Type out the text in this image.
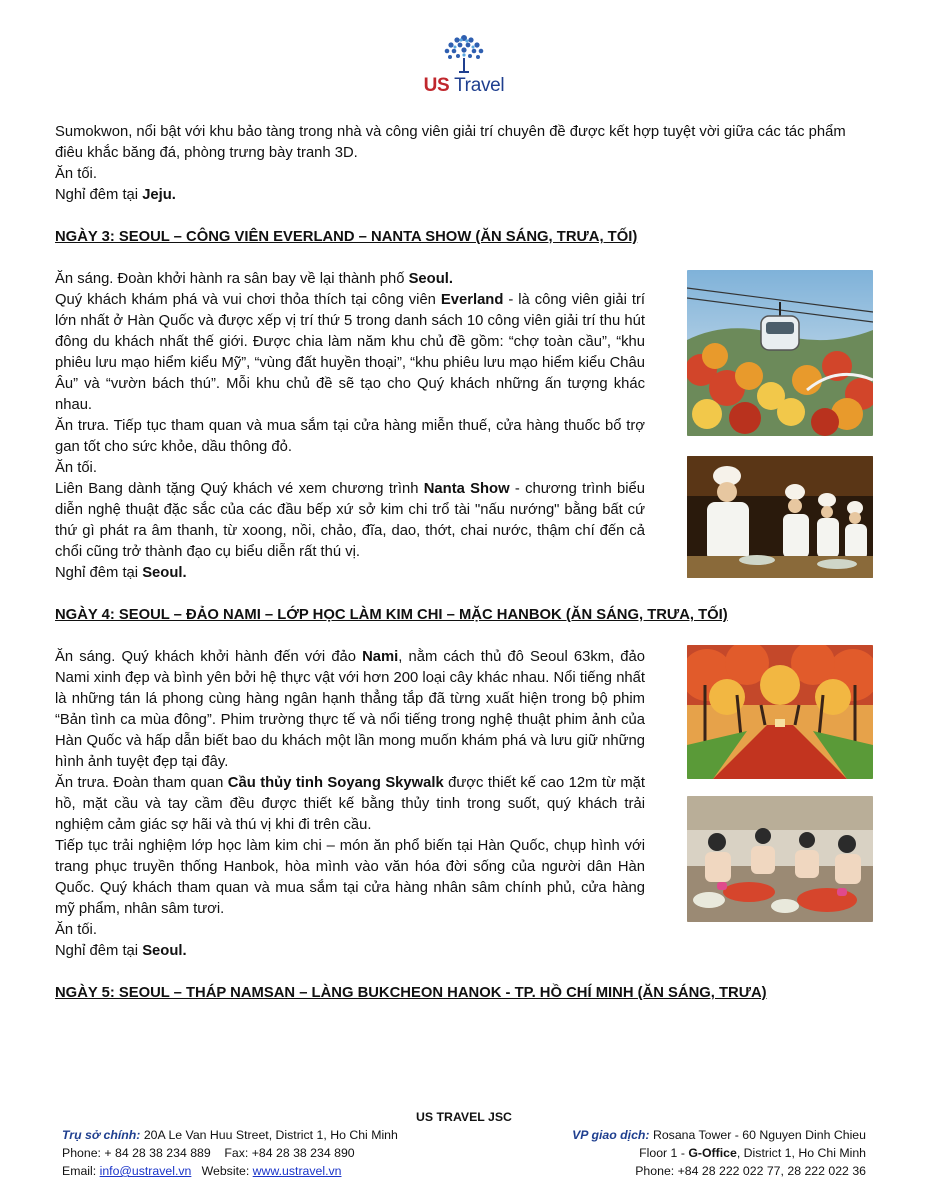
US Travel

Sumokwon, nổi bật với khu bảo tàng trong nhà và công viên giải trí chuyên đề được kết hợp tuyệt vời giữa các tác phẩm điêu khắc băng đá, phòng trưng bày tranh 3D.

Ăn tối.

Nghỉ đêm tại Jeju.

NGÀY 3: SEOUL – CÔNG VIÊN EVERLAND – NANTA SHOW (ĂN SÁNG, TRƯA, TỐI)

Ăn sáng. Đoàn khởi hành ra sân bay về lại thành phố Seoul.

Quý khách khám phá và vui chơi thỏa thích tại công viên Everland - là công viên giải trí lớn nhất ở Hàn Quốc và được xếp vị trí thứ 5 trong danh sách 10 công viên giải trí thu hút đông du khách nhất thế giới. Được chia làm năm khu chủ đề gồm: “chợ toàn cầu”, “khu phiêu lưu mạo hiểm kiểu Mỹ”, “vùng đất huyền thoại”, “khu phiêu lưu mạo hiểm kiểu Châu Âu” và “vườn bách thú”. Mỗi khu chủ đề sẽ tạo cho Quý khách những ấn tượng khác nhau.

Ăn trưa. Tiếp tục tham quan và mua sắm tại cửa hàng miễn thuế, cửa hàng thuốc bổ trợ gan tốt cho sức khỏe, dầu thông đỏ.

Ăn tối.

Liên Bang dành tặng Quý khách vé xem chương trình Nanta Show - chương trình biểu diễn nghệ thuật đặc sắc của các đầu bếp xứ sở kim chi trổ tài "nấu nướng" bằng bất cứ thứ gì phát ra âm thanh, từ xoong, nồi, chảo, đĩa, dao, thớt, chai nước, thậm chí đến cả chổi cũng trở thành đạo cụ biểu diễn rất thú vị.

Nghỉ đêm tại Seoul.

NGÀY 4: SEOUL – ĐẢO NAMI – LỚP HỌC LÀM KIM CHI – MẶC HANBOK (ĂN SÁNG, TRƯA, TỐI)

Ăn sáng. Quý khách khởi hành đến với đảo Nami, nằm cách thủ đô Seoul 63km, đảo Nami xinh đẹp và bình yên bởi hệ thực vật với hơn 200 loại cây khác nhau. Nổi tiếng nhất là những tán lá phong cùng hàng ngân hạnh thẳng tắp đã từng xuất hiện trong bộ phim “Bản tình ca mùa đông”. Phim trường thực tế và nổi tiếng trong nghệ thuật phim ảnh của Hàn Quốc và hấp dẫn biết bao du khách một lần mong muốn khám phá và lưu giữ những hình ảnh tuyệt đẹp tại đây.

Ăn trưa. Đoàn tham quan Cầu thủy tinh Soyang Skywalk được thiết kế cao 12m từ mặt hồ, mặt cầu và tay cầm đều được thiết kế bằng thủy tinh trong suốt, quý khách trải nghiệm cảm giác sợ hãi và thú vị khi đi trên cầu.

Tiếp tục trải nghiệm lớp học làm kim chi – món ăn phổ biến tại Hàn Quốc, chụp hình với trang phục truyền thống Hanbok, hòa mình vào văn hóa đời sống của người dân Hàn Quốc. Quý khách tham quan và mua sắm tại cửa hàng nhân sâm chính phủ, cửa hàng mỹ phẩm, nhân sâm tươi.

Ăn tối.

Nghỉ đêm tại Seoul.

NGÀY 5: SEOUL – THÁP NAMSAN – LÀNG BUKCHEON HANOK - TP. HỒ CHÍ MINH (ĂN SÁNG, TRƯA)

US TRAVEL JSC
Trụ sở chính: 20A Le Van Huu Street, District 1, Ho Chi Minh
Phone: + 84 28 38 234 889    Fax: +84 28 38 234 890
Email: info@ustravel.vn   Website: www.ustravel.vn
VP giao dịch: Rosana Tower - 60 Nguyen Dinh Chieu
Floor 1 - G-Office, District 1, Ho Chi Minh
Phone: +84 28 222 022 77, 28 222 022 36
